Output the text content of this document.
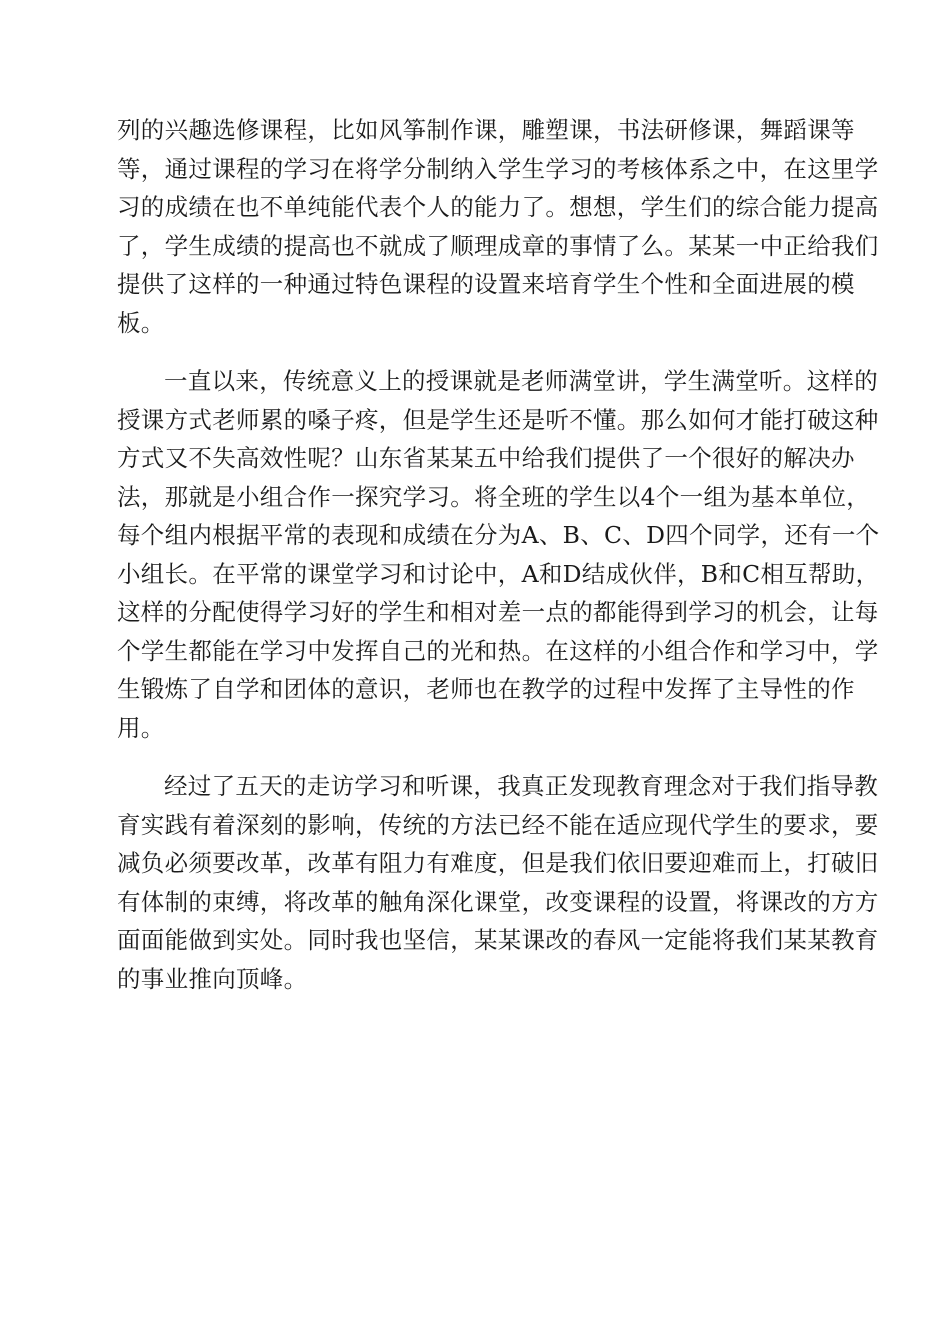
列的兴趣选修课程，比如风筝制作课，雕塑课，书法研修课，舞蹈课等
等，通过课程的学习在将学分制纳入学生学习的考核体系之中，在这里学
习的成绩在也不单纯能代表个人的能力了。想想，学生们的综合能力提高
了，学生成绩的提高也不就成了顺理成章的事情了么。某某一中正给我们
提供了这样的一种通过特色课程的设置来培育学生个性和全面进展的模
板。

一直以来，传统意义上的授课就是老师满堂讲，学生满堂听。这样的
授课方式老师累的嗓子疼，但是学生还是听不懂。那么如何才能打破这种
方式又不失高效性呢？山东省某某五中给我们提供了一个很好的解决办
法，那就是小组合作一探究学习。将全班的学生以4个一组为基本单位，
每个组内根据平常的表现和成绩在分为A、B、C、D四个同学，还有一个
小组长。在平常的课堂学习和讨论中，A和D结成伙伴，B和C相互帮助，
这样的分配使得学习好的学生和相对差一点的都能得到学习的机会，让每
个学生都能在学习中发挥自己的光和热。在这样的小组合作和学习中，学
生锻炼了自学和团体的意识，老师也在教学的过程中发挥了主导性的作
用。

经过了五天的走访学习和听课，我真正发现教育理念对于我们指导教
育实践有着深刻的影响，传统的方法已经不能在适应现代学生的要求，要
减负必须要改革，改革有阻力有难度，但是我们依旧要迎难而上，打破旧
有体制的束缚，将改革的触角深化课堂，改变课程的设置，将课改的方方
面面能做到实处。同时我也坚信，某某课改的春风一定能将我们某某教育
的事业推向顶峰。
